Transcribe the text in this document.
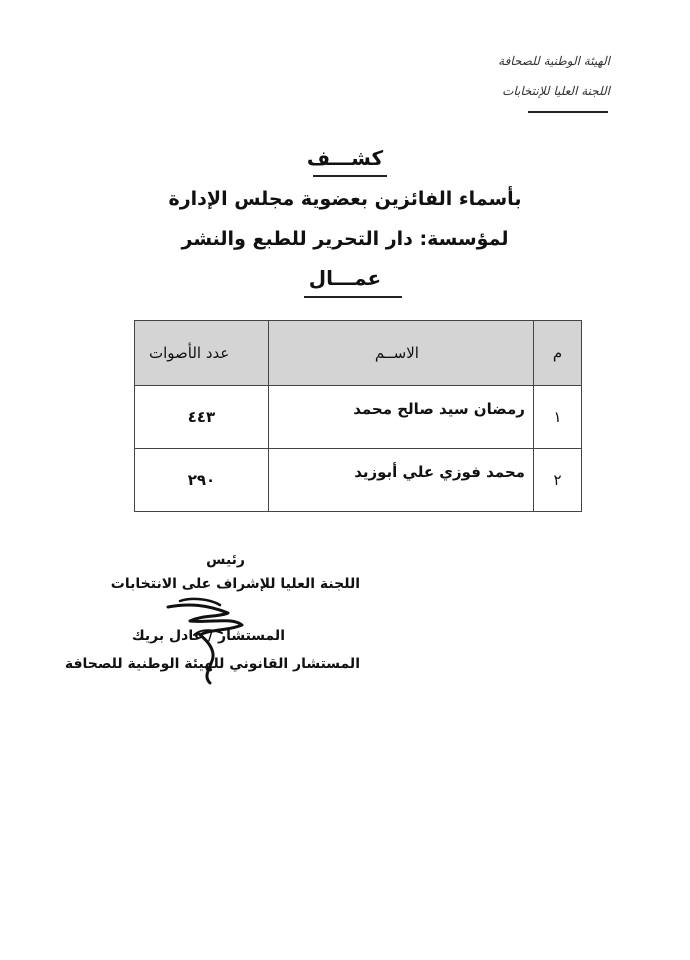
الهيئة الوطنية للصحافة
اللجنة العليا للإنتخابات
كشـــف
بأسماء الفائزين بعضوية مجلس الإدارة
لمؤسسة: دار التحرير للطبع والنشر
عمـــال
م	الاســم	عدد الأصوات
١	رمضان سيد صالح محمد	٤٤٣
٢	محمد فوزي علي أبوزيد	٢٩٠
رئيس
اللجنة العليا للإشراف على الانتخابات
المستشار / عادل بريك
المستشار القانوني للهيئة الوطنية للصحافة
